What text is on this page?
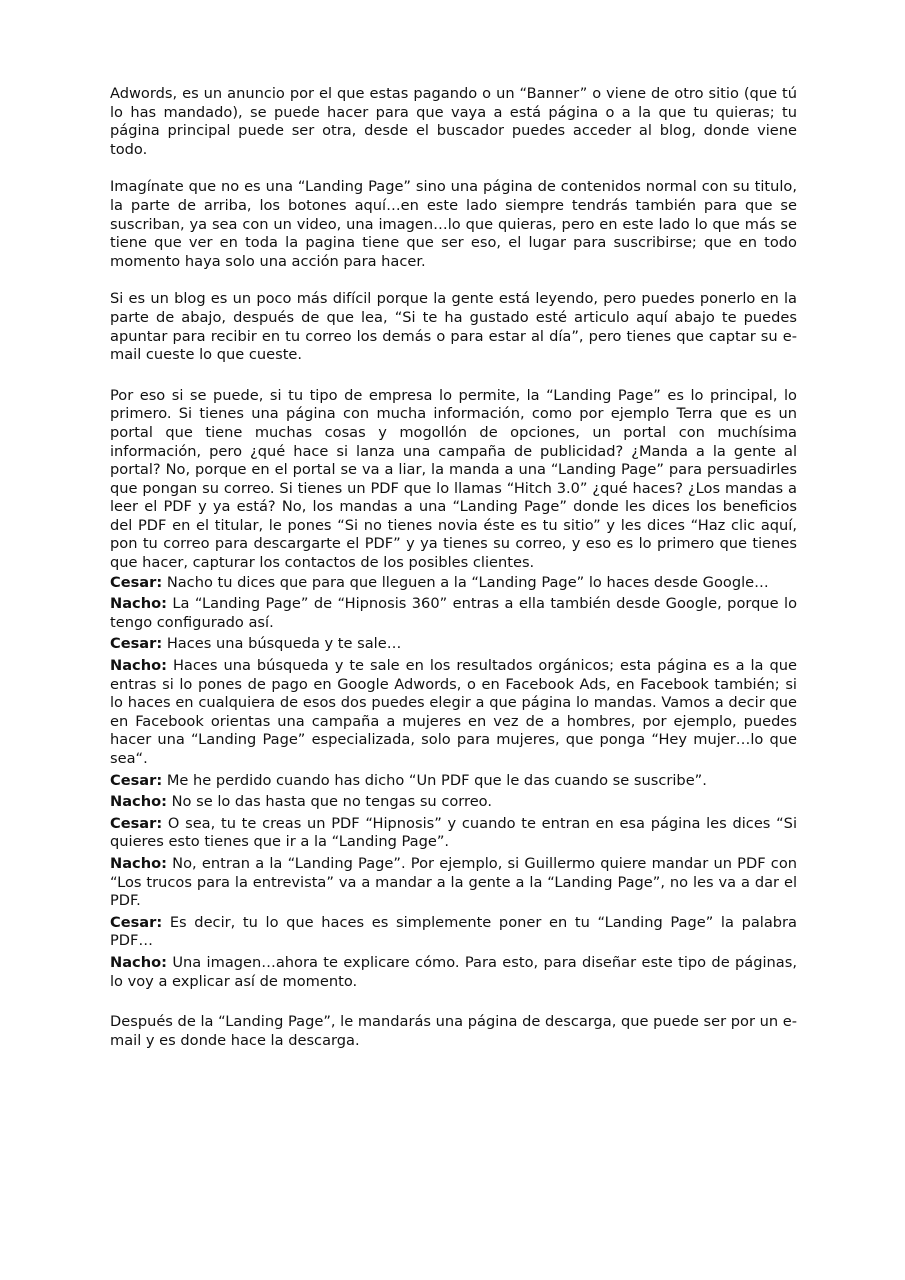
Adwords, es un anuncio por el que estas pagando o un “Banner” o viene de otro sitio (que tú lo has mandado), se puede hacer para que vaya a está página o a la que tu quieras; tu página principal puede ser otra, desde el buscador puedes acceder al blog, donde viene todo.

Imagínate que no es una “Landing Page” sino una página de contenidos normal con su titulo, la parte de arriba, los botones aquí…en este lado siempre tendrás también para que se suscriban, ya sea con un video, una imagen…lo que quieras, pero en este lado lo que más se tiene que ver en toda la pagina tiene que ser eso, el lugar para suscribirse; que en todo momento haya solo una acción para hacer.

Si es un blog es un poco más difícil porque la gente está leyendo, pero puedes ponerlo en la parte de abajo, después de que lea, “Si te ha gustado esté articulo aquí abajo te puedes apuntar para recibir en tu correo los demás o para estar al día”, pero tienes que captar su e-mail cueste lo que cueste.

Por eso si se puede, si tu tipo de empresa lo permite, la “Landing Page” es lo principal, lo primero. Si tienes una página con mucha información, como por ejemplo Terra que es un portal que tiene muchas cosas y mogollón de opciones, un portal con muchísima información, pero ¿qué hace si lanza una campaña de publicidad? ¿Manda a la gente al portal? No, porque en el portal se va a liar, la manda a una “Landing Page” para persuadirles que pongan su correo. Si tienes un PDF que lo llamas “Hitch 3.0” ¿qué haces? ¿Los mandas a leer el PDF y ya está? No, los mandas a una “Landing Page” donde les dices los beneficios del PDF en el titular, le pones “Si no tienes novia éste es tu sitio” y les dices “Haz clic aquí, pon tu correo para descargarte el PDF” y ya tienes su correo, y eso es lo primero que tienes que hacer, capturar los contactos de los posibles clientes.

Cesar: Nacho tu dices que para que lleguen a la “Landing Page” lo haces desde Google…

Nacho: La “Landing Page” de “Hipnosis 360” entras a ella también desde Google, porque lo tengo configurado así.

Cesar: Haces una búsqueda y te sale…

Nacho: Haces una búsqueda y te sale en los resultados orgánicos; esta página es a la que entras si lo pones de pago en Google Adwords, o en Facebook Ads, en Facebook también; si lo haces en cualquiera de esos dos puedes elegir a que página lo mandas. Vamos a decir que en Facebook orientas una campaña a mujeres en vez de a hombres, por ejemplo, puedes hacer una “Landing Page” especializada, solo para mujeres, que ponga “Hey mujer…lo que sea“.

Cesar: Me he perdido cuando has dicho “Un PDF que le das cuando se suscribe”.

Nacho: No se lo das hasta que no tengas su correo.

Cesar: O sea, tu te creas un PDF “Hipnosis” y cuando te entran en esa página les dices “Si quieres esto tienes que ir a la “Landing Page”.

Nacho: No, entran a la “Landing Page”. Por ejemplo, si Guillermo quiere mandar un PDF con “Los trucos para la entrevista” va a mandar a la gente a la “Landing Page”, no les va a dar el PDF.

Cesar: Es decir, tu lo que haces es simplemente poner en tu “Landing Page” la palabra PDF…

Nacho: Una imagen…ahora te explicare cómo. Para esto, para diseñar este tipo de páginas, lo voy a explicar así de momento.

Después de la “Landing Page”, le mandarás una página de descarga, que puede ser por un e-mail y es donde hace la descarga.
